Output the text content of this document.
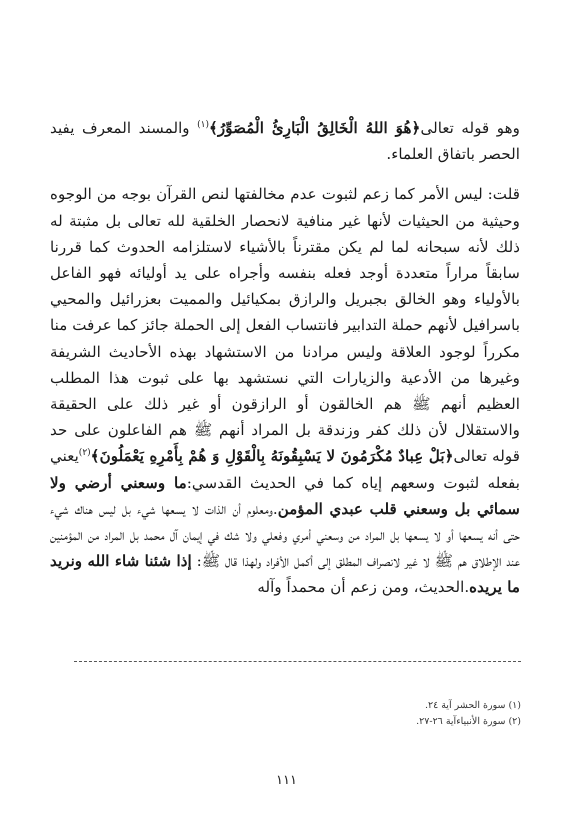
وهو قوله تعالى﴿هُوَ اللهُ الْخَالِقُ الْبَارِئُ الْمُصَوِّرُ﴾$^{(١)}$ والمسند المعرف يفيد الحصر باتفاق العلماء.

قلت: ليس الأمر كما زعم لثبوت عدم مخالفتها لنص القرآن بوجه من الوجوه وحيثية من الحيثيات لأنها غير منافية لانحصار الخلقية لله تعالى بل مثبتة له ذلك لأنه سبحانه لما لم يكن مقترناً بالأشياء لاستلزامه الحدوث كما قررنا سابقاً مراراً متعددة أوجد فعله بنفسه وأجراه على يد أوليائه فهو الفاعل بالأولياء وهو الخالق بجبريل والرازق بمكيائيل والمميت بعزرائيل والمحيي باسرافيل لأنهم حملة التدابير فانتساب الفعل إلى الحملة جائز كما عرفت منا مكرراً لوجود العلاقة وليس مرادنا من الاستشهاد بهذه الأحاديث الشريفة وغيرها من الأدعية والزيارات التي نستشهد بها على ثبوت هذا المطلب العظيم أنهم ﷺ هم الخالقون أو الرازقون أو غير ذلك على الحقيقة والاستقلال لأن ذلك كفر وزندقة بل المراد أنهم ﷺ هم الفاعلون على حد قوله تعالى﴿بَلْ عِبادٌ مُكْرَمُونَ لا يَسْبِقُونَهُ بِالْقَوْلِ وَ هُمْ بِأَمْرِهِ يَعْمَلُونَ﴾$^{(٢)}$يعني بفعله لثبوت وسعهم إياه كما في الحديث القدسي:ما وسعني أرضي ولا سمائي بل وسعني قلب عبدي المؤمن.ومعلوم أن الذات لا يسعها شيء بل ليس هناك شيء حتى أنه يسعها أو لا يسعها بل المراد من وسعني أمري وفعلي ولا شك في إيمان آل محمد بل المراد من المؤمنين عند الإطلاق هم ﷺ لا غير لانصراف المطلق إلى أكمل الأفراد ولهذا قال ﷺ: إذا شئنا شاء الله ونريد ما يريده.الحديث، ومن زعم أن محمداً وآله

(١) سورة الحشر آية ٢٤.
(٢) سورة الأنبياءآية ٢٦-٢٧.
١١١
